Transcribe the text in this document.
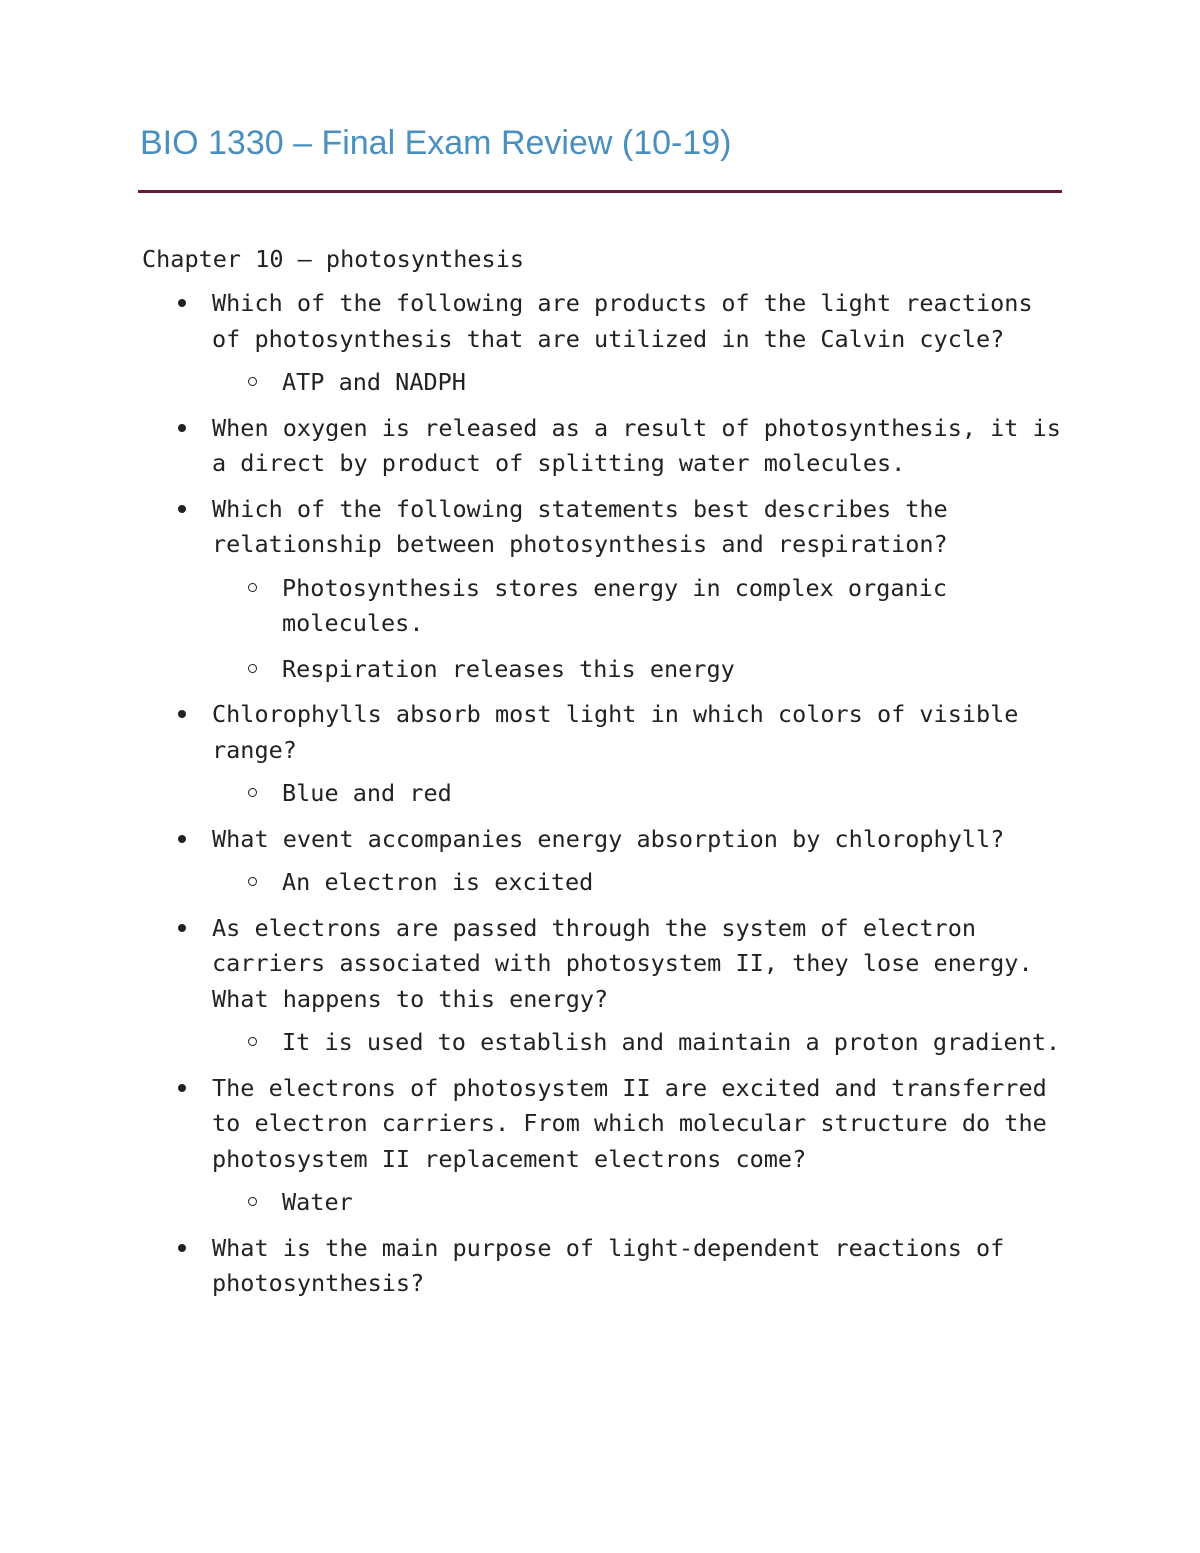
BIO 1330 – Final Exam Review (10-19)
Chapter 10 – photosynthesis
Which of the following are products of the light reactions of photosynthesis that are utilized in the Calvin cycle?
ATP and NADPH
When oxygen is released as a result of photosynthesis, it is a direct by product of splitting water molecules.
Which of the following statements best describes the relationship between photosynthesis and respiration?
Photosynthesis stores energy in complex organic molecules.
Respiration releases this energy
Chlorophylls absorb most light in which colors of visible range?
Blue and red
What event accompanies energy absorption by chlorophyll?
An electron is excited
As electrons are passed through the system of electron carriers associated with photosystem II, they lose energy. What happens to this energy?
It is used to establish and maintain a proton gradient.
The electrons of photosystem II are excited and transferred to electron carriers. From which molecular structure do the photosystem II replacement electrons come?
Water
What is the main purpose of light-dependent reactions of photosynthesis?
